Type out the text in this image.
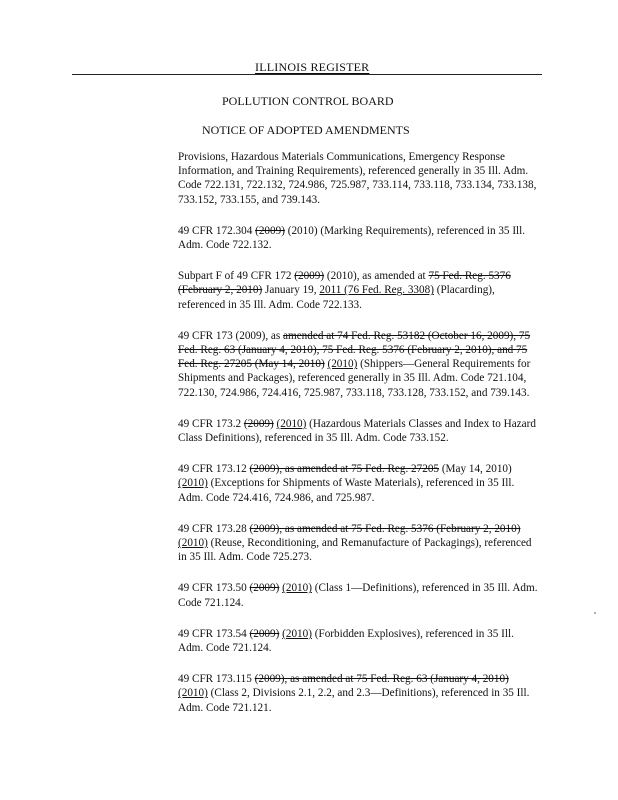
ILLINOIS REGISTER
POLLUTION CONTROL BOARD
NOTICE OF ADOPTED AMENDMENTS

Provisions, Hazardous Materials Communications, Emergency Response Information, and Training Requirements), referenced generally in 35 Ill. Adm. Code 722.131, 722.132, 724.986, 725.987, 733.114, 733.118, 733.134, 733.138, 733.152, 733.155, and 739.143.

49 CFR 172.304 (2009) (2010) (Marking Requirements), referenced in 35 Ill. Adm. Code 722.132.

Subpart F of 49 CFR 172 (2009) (2010), as amended at 75 Fed. Reg. 5376 (February 2, 2010) January 19, 2011 (76 Fed. Reg. 3308) (Placarding), referenced in 35 Ill. Adm. Code 722.133.

49 CFR 173 (2009), as amended at 74 Fed. Reg. 53182 (October 16, 2009), 75 Fed. Reg. 63 (January 4, 2010), 75 Fed. Reg. 5376 (February 2, 2010), and 75 Fed. Reg. 27205 (May 14, 2010) (2010) (Shippers—General Requirements for Shipments and Packages), referenced generally in 35 Ill. Adm. Code 721.104, 722.130, 724.986, 724.416, 725.987, 733.118, 733.128, 733.152, and 739.143.

49 CFR 173.2 (2009) (2010) (Hazardous Materials Classes and Index to Hazard Class Definitions), referenced in 35 Ill. Adm. Code 733.152.

49 CFR 173.12 (2009), as amended at 75 Fed. Reg. 27205 (May 14, 2010) (2010) (Exceptions for Shipments of Waste Materials), referenced in 35 Ill. Adm. Code 724.416, 724.986, and 725.987.

49 CFR 173.28 (2009), as amended at 75 Fed. Reg. 5376 (February 2, 2010) (2010) (Reuse, Reconditioning, and Remanufacture of Packagings), referenced in 35 Ill. Adm. Code 725.273.

49 CFR 173.50 (2009) (2010) (Class 1—Definitions), referenced in 35 Ill. Adm. Code 721.124.

49 CFR 173.54 (2009) (2010) (Forbidden Explosives), referenced in 35 Ill. Adm. Code 721.124.

49 CFR 173.115 (2009), as amended at 75 Fed. Reg. 63 (January 4, 2010) (2010) (Class 2, Divisions 2.1, 2.2, and 2.3—Definitions), referenced in 35 Ill. Adm. Code 721.121.
